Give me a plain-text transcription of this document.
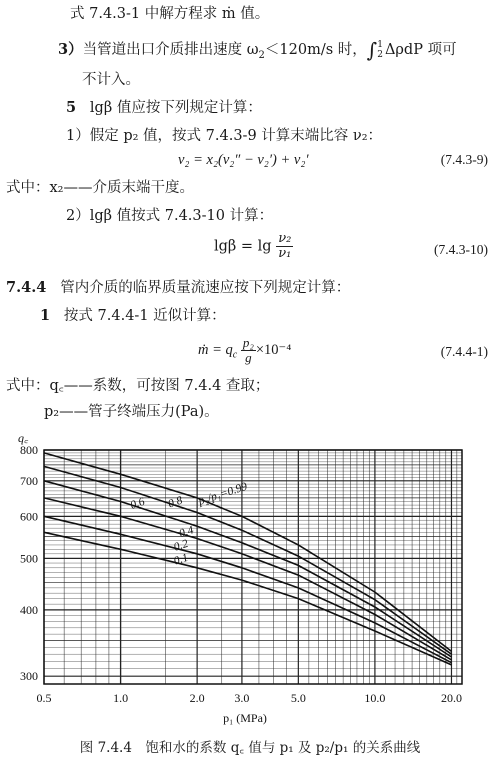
式 7.4.3-1 中解方程求 ṁ 值。
3）当管道出口介质排出速度 $\omega_2<120m/s$ 时，∫ 1
2 ΔρdP 项可
不计入。
5 lgβ 值应按下列规定计算：
1）假定 p₂ 值，按式 7.4.3-9 计算末端比容 ν₂：
ν₂ = x₂(ν₂″ − ν₂′) + ν₂′	(7.4.3-9)
式中：x₂——介质末端干度。
2）lgβ 值按式 7.4.3-10 计算：
$\lg\beta = \lg \frac{\text{ν₂}}{\text{ν₁}}$	(7.4.3-10)
7.4.4 管内介质的临界质量流速应按下列规定计算：
1 按式 7.4.4-1 近似计算：
ṁ = $q_c \frac{\text{p₂}}{g} \times 10^{-4}$	(7.4.4-1)
式中：q꜀——系数，可按图 7.4.4 查取；
p₂——管子终端压力(Pa)。
0.5	1.0	2.0 3.0	5.0	10.0	20.0
800
700
600
500
400
300
q꜀
p₁ (MPa)
0.1
0.2
0.4
0.6 0.8 p₂/p₁=0.99
图 7.4.4　饱和水的系数 q꜀ 值与 p₁ 及 p₂/p₁ 的关系曲线
